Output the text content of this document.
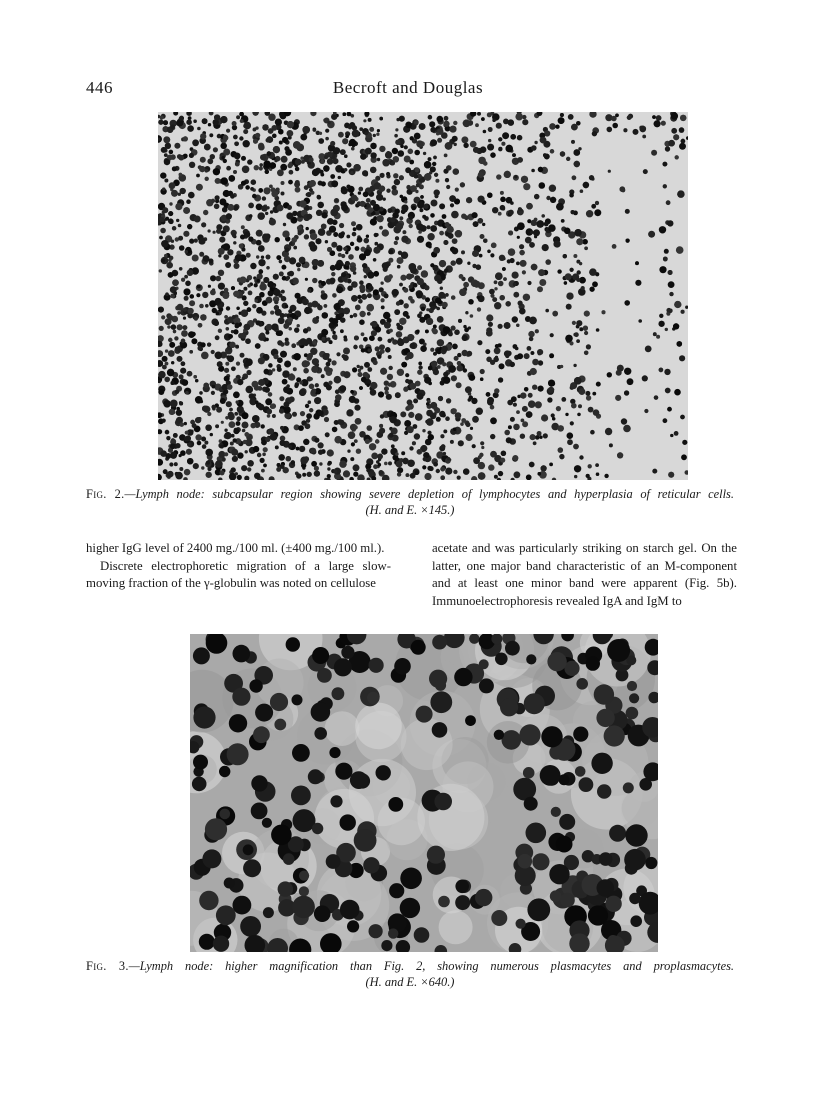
446	Becroft and Douglas
Fig. 2.—Lymph node: subcapsular region showing severe depletion of lymphocytes and hyperplasia of reticular cells.
(H. and E. ×145.)

higher IgG level of 2400 mg./100 ml. (±400 mg./100 ml.).

Discrete electrophoretic migration of a large slow-moving fraction of the γ-globulin was noted on cellulose

acetate and was particularly striking on starch gel. On the latter, one major band characteristic of an M-component and at least one minor band were apparent (Fig. 5b). Immunoelectrophoresis revealed IgA and IgM to

Fig. 3.—Lymph node: higher magnification than Fig. 2, showing numerous plasmacytes and proplasmacytes.
(H. and E. ×640.)
